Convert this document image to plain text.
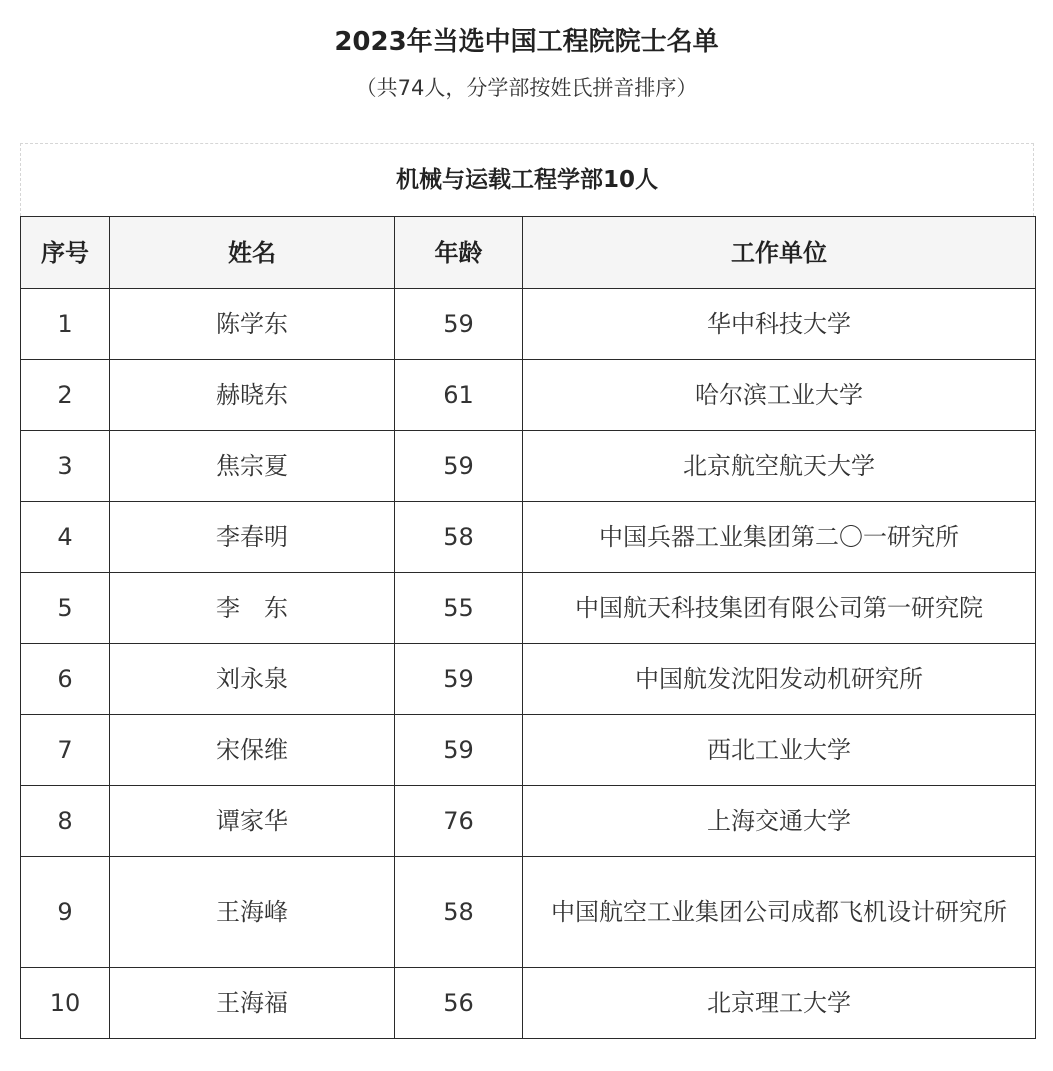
2023年当选中国工程院院士名单
（共74人，分学部按姓氏拼音排序）
机械与运载工程学部10人
序号	姓名	年龄	工作单位
1	陈学东	59	华中科技大学
2	赫晓东	61	哈尔滨工业大学
3	焦宗夏	59	北京航空航天大学
4	李春明	58	中国兵器工业集团第二〇一研究所
5	李　东	55	中国航天科技集团有限公司第一研究院
6	刘永泉	59	中国航发沈阳发动机研究所
7	宋保维	59	西北工业大学
8	谭家华	76	上海交通大学
9	王海峰	58	中国航空工业集团公司成都飞机设计研究所
10	王海福	56	北京理工大学
